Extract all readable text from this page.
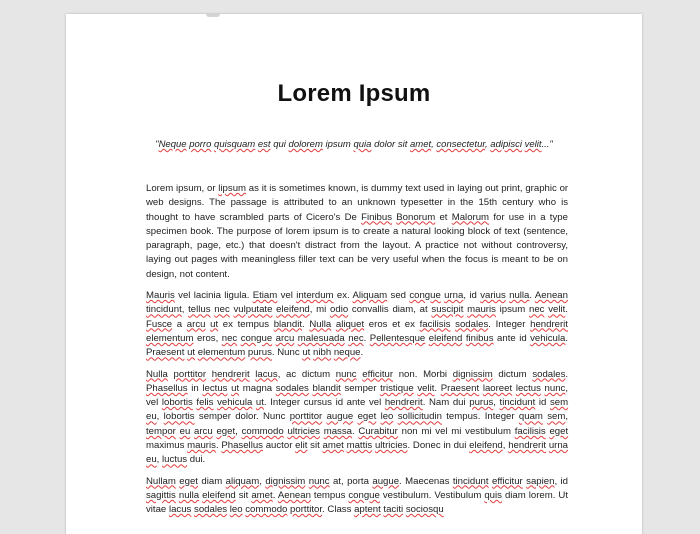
Lorem Ipsum
"Neque porro quisquam est qui dolorem ipsum quia dolor sit amet, consectetur, adipisci velit..."

Lorem ipsum, or lipsum as it is sometimes known, is dummy text used in laying out print, graphic or web designs. The passage is attributed to an unknown typesetter in the 15th century who is thought to have scrambled parts of Cicero's De Finibus Bonorum et Malorum for use in a type specimen book. The purpose of lorem ipsum is to create a natural looking block of text (sentence, paragraph, page, etc.) that doesn't distract from the layout. A practice not without controversy, laying out pages with meaningless filler text can be very useful when the focus is meant to be on design, not content.

Mauris vel lacinia ligula. Etiam vel interdum ex. Aliquam sed congue urna, id varius nulla. Aenean tincidunt, tellus nec vulputate eleifend, mi odio convallis diam, at suscipit mauris ipsum nec velit. Fusce a arcu ut ex tempus blandit. Nulla aliquet eros et ex facilisis sodales. Integer hendrerit elementum eros, nec congue arcu malesuada nec. Pellentesque eleifend finibus ante id vehicula. Praesent ut elementum purus. Nunc ut nibh neque.

Nulla porttitor hendrerit lacus, ac dictum nunc efficitur non. Morbi dignissim dictum sodales. Phasellus in lectus ut magna sodales blandit semper tristique velit. Praesent laoreet lectus nunc, vel lobortis felis vehicula ut. Integer cursus id ante vel hendrerit. Nam dui purus, tincidunt id sem eu, lobortis semper dolor. Nunc porttitor augue eget leo sollicitudin tempus. Integer quam sem, tempor eu arcu eget, commodo ultricies massa. Curabitur non mi vel mi vestibulum facilisis eget maximus mauris. Phasellus auctor elit sit amet mattis ultricies. Donec in dui eleifend, hendrerit urna eu, luctus dui.

Nullam eget diam aliquam, dignissim nunc at, porta augue. Maecenas tincidunt efficitur sapien, id sagittis nulla eleifend sit amet. Aenean tempus congue vestibulum. Vestibulum quis diam lorem. Ut vitae lacus sodales leo commodo porttitor. Class aptent taciti sociosqu
